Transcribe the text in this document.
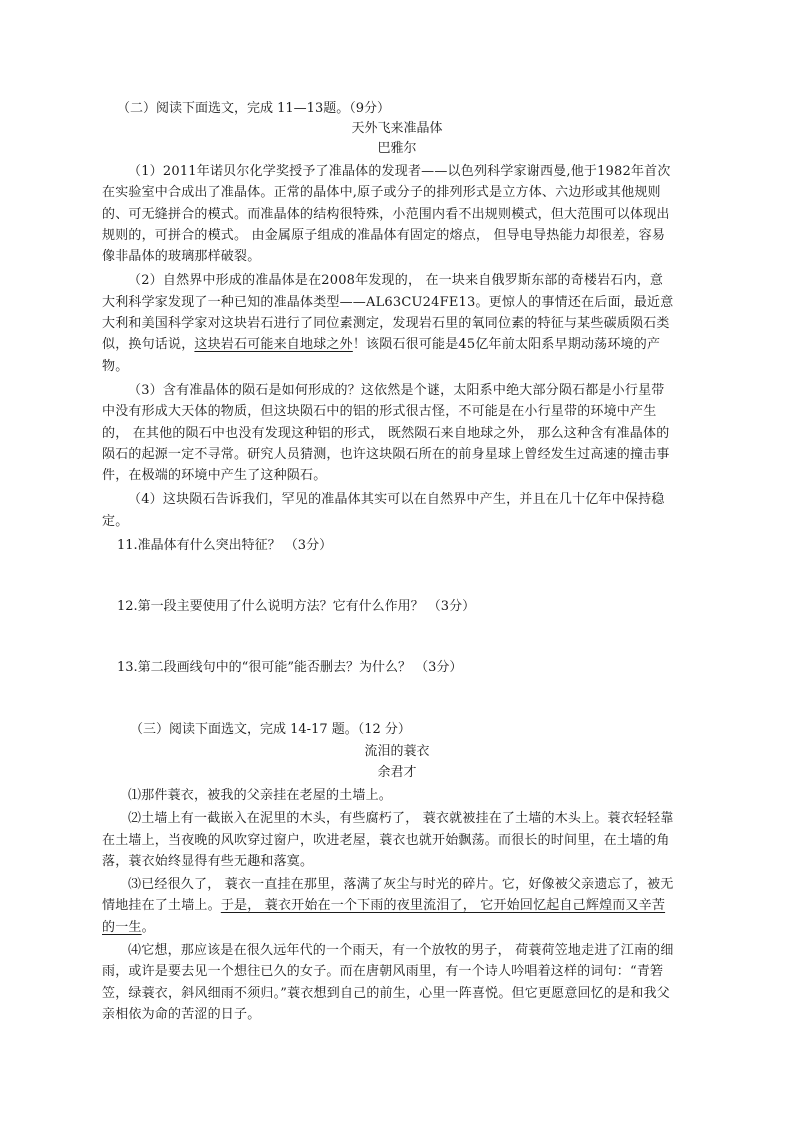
（二）阅读下面选文，完成 11—13题。（9分）
天外飞来准晶体
巴雅尔

（1）2011年诺贝尔化学奖授予了准晶体的发现者——以色列科学家谢西曼,他于1982年首次在实验室中合成出了准晶体。正常的晶体中,原子或分子的排列形式是立方体、六边形或其他规则的、可无缝拼合的模式。而准晶体的结构很特殊，小范围内看不出规则模式，但大范围可以体现出规则的，可拼合的模式。 由金属原子组成的准晶体有固定的熔点， 但导电导热能力却很差，容易像非晶体的玻璃那样破裂。

（2）自然界中形成的准晶体是在2008年发现的， 在一块来自俄罗斯东部的奇楼岩石内，意大利科学家发现了一种已知的准晶体类型——AL63CU24FE13。更惊人的事情还在后面，最近意大利和美国科学家对这块岩石进行了同位素测定，发现岩石里的氧同位素的特征与某些碳质陨石类似，换句话说，这块岩石可能来自地球之外！该陨石很可能是45亿年前太阳系早期动荡环境的产物。

（3）含有准晶体的陨石是如何形成的？这依然是个谜，太阳系中绝大部分陨石都是小行星带中没有形成大天体的物质，但这块陨石中的铝的形式很古怪，不可能是在小行星带的环境中产生的， 在其他的陨石中也没有发现这种铝的形式， 既然陨石来自地球之外， 那么这种含有准晶体的陨石的起源一定不寻常。研究人员猜测，也许这块陨石所在的前身星球上曾经发生过高速的撞击事件，在极端的环境中产生了这种陨石。

（4）这块陨石告诉我们，罕见的准晶体其实可以在自然界中产生，并且在几十亿年中保持稳定。

11.准晶体有什么突出特征？ （3分）
12.第一段主要使用了什么说明方法？它有什么作用？ （3分）
13.第二段画线句中的“很可能”能否删去？为什么？ （3分）
（三）阅读下面选文，完成 14-17 题。（12 分）
流泪的蓑衣
余君才

⑴那件蓑衣，被我的父亲挂在老屋的土墙上。

⑵土墙上有一截嵌入在泥里的木头，有些腐朽了， 蓑衣就被挂在了土墙的木头上。蓑衣轻轻靠在土墙上，当夜晚的风吹穿过窗户，吹进老屋，蓑衣也就开始飘荡。而很长的时间里，在土墙的角落，蓑衣始终显得有些无趣和落寞。

⑶已经很久了， 蓑衣一直挂在那里，落满了灰尘与时光的碎片。它，好像被父亲遗忘了，被无情地挂在了土墙上。于是， 蓑衣开始在一个下雨的夜里流泪了， 它开始回忆起自己辉煌而又辛苦的一生。

⑷它想，那应该是在很久远年代的一个雨天，有一个放牧的男子， 荷蓑荷笠地走进了江南的细雨，或许是要去见一个想往已久的女子。而在唐朝风雨里，有一个诗人吟唱着这样的词句：“青箬笠，绿蓑衣，斜风细雨不须归。”蓑衣想到自己的前生，心里一阵喜悦。但它更愿意回忆的是和我父亲相依为命的苦涩的日子。
